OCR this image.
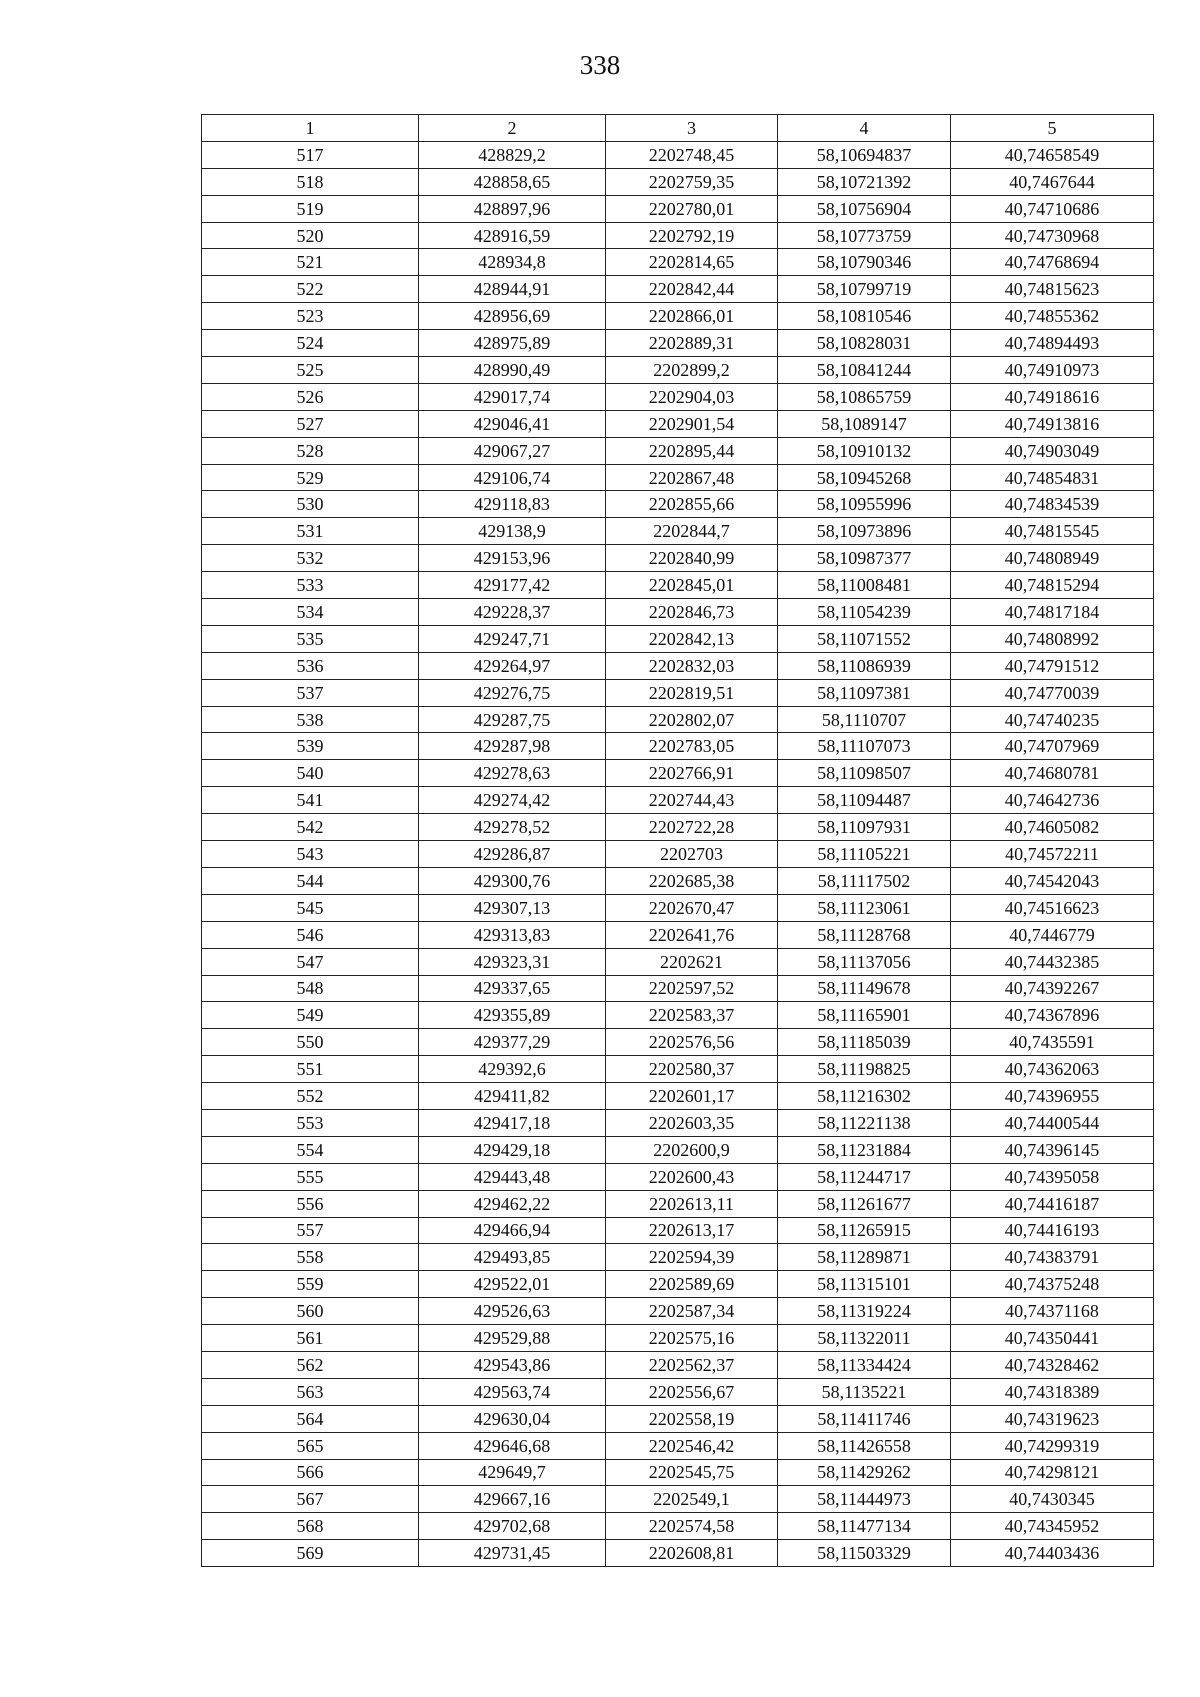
338
1	2	3	4	5
517	428829,2	2202748,45	58,10694837	40,74658549
518	428858,65	2202759,35	58,10721392	40,7467644
519	428897,96	2202780,01	58,10756904	40,74710686
520	428916,59	2202792,19	58,10773759	40,74730968
521	428934,8	2202814,65	58,10790346	40,74768694
522	428944,91	2202842,44	58,10799719	40,74815623
523	428956,69	2202866,01	58,10810546	40,74855362
524	428975,89	2202889,31	58,10828031	40,74894493
525	428990,49	2202899,2	58,10841244	40,74910973
526	429017,74	2202904,03	58,10865759	40,74918616
527	429046,41	2202901,54	58,1089147	40,74913816
528	429067,27	2202895,44	58,10910132	40,74903049
529	429106,74	2202867,48	58,10945268	40,74854831
530	429118,83	2202855,66	58,10955996	40,74834539
531	429138,9	2202844,7	58,10973896	40,74815545
532	429153,96	2202840,99	58,10987377	40,74808949
533	429177,42	2202845,01	58,11008481	40,74815294
534	429228,37	2202846,73	58,11054239	40,74817184
535	429247,71	2202842,13	58,11071552	40,74808992
536	429264,97	2202832,03	58,11086939	40,74791512
537	429276,75	2202819,51	58,11097381	40,74770039
538	429287,75	2202802,07	58,1110707	40,74740235
539	429287,98	2202783,05	58,11107073	40,74707969
540	429278,63	2202766,91	58,11098507	40,74680781
541	429274,42	2202744,43	58,11094487	40,74642736
542	429278,52	2202722,28	58,11097931	40,74605082
543	429286,87	2202703	58,11105221	40,74572211
544	429300,76	2202685,38	58,11117502	40,74542043
545	429307,13	2202670,47	58,11123061	40,74516623
546	429313,83	2202641,76	58,11128768	40,7446779
547	429323,31	2202621	58,11137056	40,74432385
548	429337,65	2202597,52	58,11149678	40,74392267
549	429355,89	2202583,37	58,11165901	40,74367896
550	429377,29	2202576,56	58,11185039	40,7435591
551	429392,6	2202580,37	58,11198825	40,74362063
552	429411,82	2202601,17	58,11216302	40,74396955
553	429417,18	2202603,35	58,11221138	40,74400544
554	429429,18	2202600,9	58,11231884	40,74396145
555	429443,48	2202600,43	58,11244717	40,74395058
556	429462,22	2202613,11	58,11261677	40,74416187
557	429466,94	2202613,17	58,11265915	40,74416193
558	429493,85	2202594,39	58,11289871	40,74383791
559	429522,01	2202589,69	58,11315101	40,74375248
560	429526,63	2202587,34	58,11319224	40,74371168
561	429529,88	2202575,16	58,11322011	40,74350441
562	429543,86	2202562,37	58,11334424	40,74328462
563	429563,74	2202556,67	58,1135221	40,74318389
564	429630,04	2202558,19	58,11411746	40,74319623
565	429646,68	2202546,42	58,11426558	40,74299319
566	429649,7	2202545,75	58,11429262	40,74298121
567	429667,16	2202549,1	58,11444973	40,7430345
568	429702,68	2202574,58	58,11477134	40,74345952
569	429731,45	2202608,81	58,11503329	40,74403436
